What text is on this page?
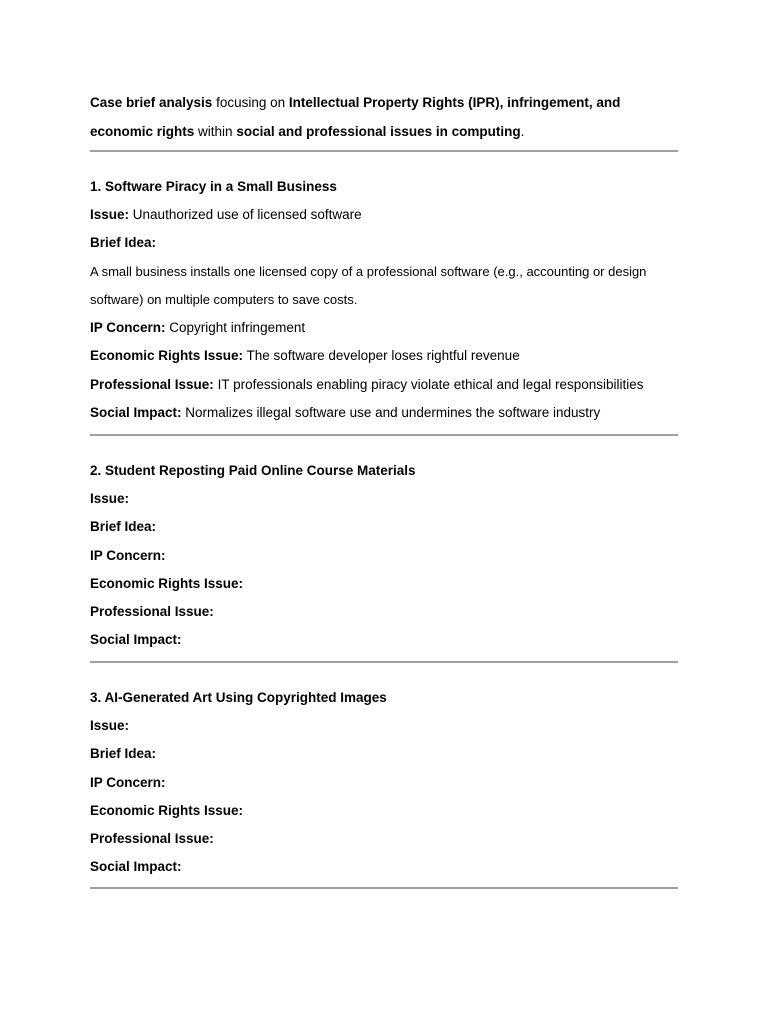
Case brief analysis focusing on Intellectual Property Rights (IPR), infringement, and economic rights within social and professional issues in computing.
1. Software Piracy in a Small Business
Issue: Unauthorized use of licensed software
Brief Idea:
A small business installs one licensed copy of a professional software (e.g., accounting or design software) on multiple computers to save costs.
IP Concern: Copyright infringement
Economic Rights Issue: The software developer loses rightful revenue
Professional Issue: IT professionals enabling piracy violate ethical and legal responsibilities
Social Impact: Normalizes illegal software use and undermines the software industry
2. Student Reposting Paid Online Course Materials
Issue:
Brief Idea:
IP Concern:
Economic Rights Issue:
Professional Issue:
Social Impact:
3. AI-Generated Art Using Copyrighted Images
Issue:
Brief Idea:
IP Concern:
Economic Rights Issue:
Professional Issue:
Social Impact:
